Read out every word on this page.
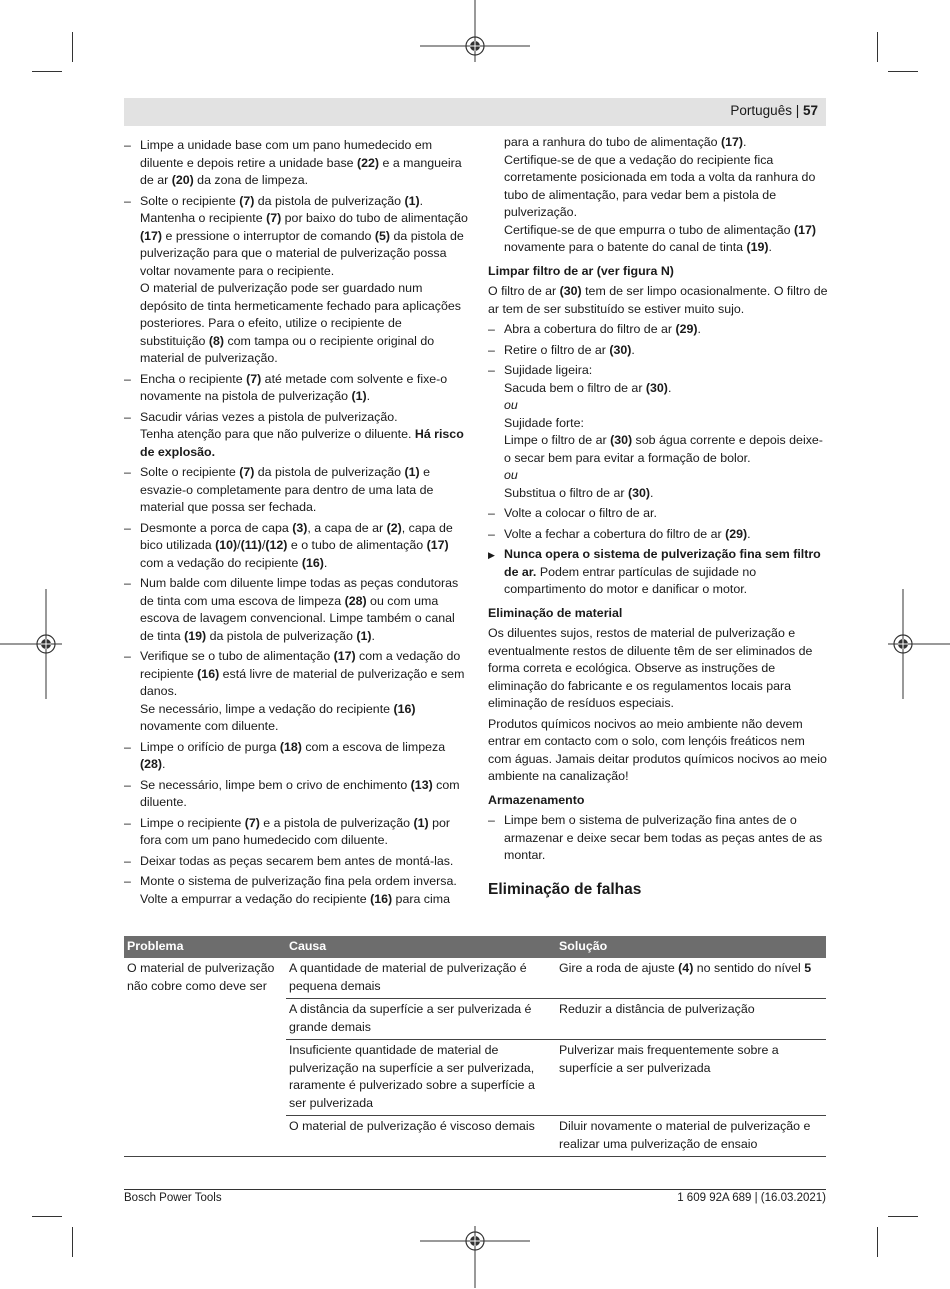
Português | 57
– Limpe a unidade base com um pano humedecido em diluente e depois retire a unidade base (22) e a mangueira de ar (20) da zona de limpeza.
– Solte o recipiente (7) da pistola de pulverização (1).
Mantenha o recipiente (7) por baixo do tubo de alimentação (17) e pressione o interruptor de comando (5) da pistola de pulverização para que o material de pulverização possa voltar novamente para o recipiente.
O material de pulverização pode ser guardado num depósito de tinta hermeticamente fechado para aplicações posteriores. Para o efeito, utilize o recipiente de substituição (8) com tampa ou o recipiente original do material de pulverização.
– Encha o recipiente (7) até metade com solvente e fixe-o novamente na pistola de pulverização (1).
– Sacudir várias vezes a pistola de pulverização.
Tenha atenção para que não pulverize o diluente. Há risco de explosão.
– Solte o recipiente (7) da pistola de pulverização (1) e esvazie-o completamente para dentro de uma lata de material que possa ser fechada.
– Desmonte a porca de capa (3), a capa de ar (2), capa de bico utilizada (10)/(11)/(12) e o tubo de alimentação (17) com a vedação do recipiente (16).
– Num balde com diluente limpe todas as peças condutoras de tinta com uma escova de limpeza (28) ou com uma escova de lavagem convencional. Limpe também o canal de tinta (19) da pistola de pulverização (1).
– Verifique se o tubo de alimentação (17) com a vedação do recipiente (16) está livre de material de pulverização e sem danos.
Se necessário, limpe a vedação do recipiente (16) novamente com diluente.
– Limpe o orifício de purga (18) com a escova de limpeza (28).
– Se necessário, limpe bem o crivo de enchimento (13) com diluente.
– Limpe o recipiente (7) e a pistola de pulverização (1) por fora com um pano humedecido com diluente.
– Deixar todas as peças secarem bem antes de montá-las.
– Monte o sistema de pulverização fina pela ordem inversa. Volte a empurrar a vedação do recipiente (16) para cima
para a ranhura do tubo de alimentação (17).
Certifique-se de que a vedação do recipiente fica corretamente posicionada em toda a volta da ranhura do tubo de alimentação, para vedar bem a pistola de pulverização.
Certifique-se de que empurra o tubo de alimentação (17) novamente para o batente do canal de tinta (19).
Limpar filtro de ar (ver figura N)
O filtro de ar (30) tem de ser limpo ocasionalmente. O filtro de ar tem de ser substituído se estiver muito sujo.
– Abra a cobertura do filtro de ar (29).
– Retire o filtro de ar (30).
– Sujidade ligeira:
Sacuda bem o filtro de ar (30).
ou
Sujidade forte:
Limpe o filtro de ar (30) sob água corrente e depois deixe-o secar bem para evitar a formação de bolor.
ou
Substitua o filtro de ar (30).
– Volte a colocar o filtro de ar.
– Volte a fechar a cobertura do filtro de ar (29).
▶ Nunca opera o sistema de pulverização fina sem filtro de ar. Podem entrar partículas de sujidade no compartimento do motor e danificar o motor.
Eliminação de material
Os diluentes sujos, restos de material de pulverização e eventualmente restos de diluente têm de ser eliminados de forma correta e ecológica. Observe as instruções de eliminação do fabricante e os regulamentos locais para eliminação de resíduos especiais.
Produtos químicos nocivos ao meio ambiente não devem entrar em contacto com o solo, com lençóis freáticos nem com águas. Jamais deitar produtos químicos nocivos ao meio ambiente na canalização!
Armazenamento
– Limpe bem o sistema de pulverização fina antes de o armazenar e deixe secar bem todas as peças antes de as montar.
Eliminação de falhas
Problema	Causa	Solução
O material de pulverização não cobre como deve ser	A quantidade de material de pulverização é pequena demais	Gire a roda de ajuste (4) no sentido do nível 5
	A distância da superfície a ser pulverizada é grande demais	Reduzir a distância de pulverização
	Insuficiente quantidade de material de pulverização na superfície a ser pulverizada, raramente é pulverizado sobre a superfície a ser pulverizada	Pulverizar mais frequentemente sobre a superfície a ser pulverizada
	O material de pulverização é viscoso demais	Diluir novamente o material de pulverização e realizar uma pulverização de ensaio
Bosch Power Tools	1 609 92A 689 | (16.03.2021)
